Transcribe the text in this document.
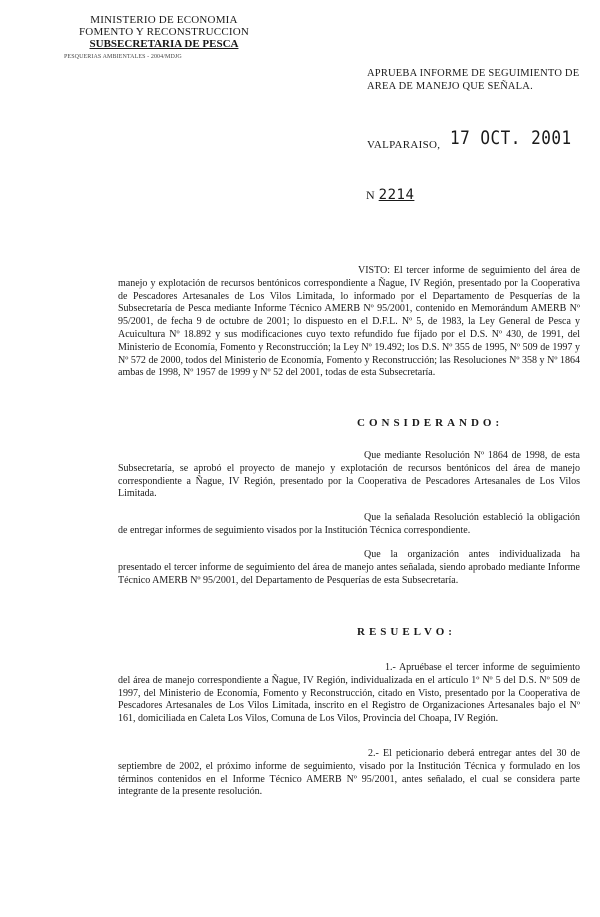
MINISTERIO DE ECONOMIA
FOMENTO Y RECONSTRUCCION
SUBSECRETARIA DE PESCA
PESQUERIAS AMBIENTALES - 2004/MDJG
APRUEBA INFORME DE SEGUIMIENTO DE AREA DE MANEJO QUE SEÑALA.
VALPARAISO, 17 OCT. 2001
N 2214

VISTO: El tercer informe de seguimiento del área de manejo y explotación de recursos bentónicos correspondiente a Ñague, IV Región, presentado por la Cooperativa de Pescadores Artesanales de Los Vilos Limitada, lo informado por el Departamento de Pesquerías de la Subsecretaría de Pesca mediante Informe Técnico AMERB Nº 95/2001, contenido en Memorándum AMERB Nº 95/2001, de fecha 9 de octubre de 2001; lo dispuesto en el D.F.L. Nº 5, de 1983, la Ley General de Pesca y Acuicultura Nº 18.892 y sus modificaciones cuyo texto refundido fue fijado por el D.S. Nº 430, de 1991, del Ministerio de Economía, Fomento y Reconstrucción; la Ley Nº 19.492; los D.S. Nº 355 de 1995, Nº 509 de 1997 y Nº 572 de 2000, todos del Ministerio de Economía, Fomento y Reconstrucción; las Resoluciones Nº 358 y Nº 1864 ambas de 1998, Nº 1957 de 1999 y Nº 52 del 2001, todas de esta Subsecretaría.

CONSIDERANDO:

Que mediante Resolución Nº 1864 de 1998, de esta Subsecretaría, se aprobó el proyecto de manejo y explotación de recursos bentónicos del área de manejo correspondiente a Ñague, IV Región, presentado por la Cooperativa de Pescadores Artesanales de Los Vilos Limitada.

Que la señalada Resolución estableció la obligación de entregar informes de seguimiento visados por la Institución Técnica correspondiente.

Que la organización antes individualizada ha presentado el tercer informe de seguimiento del área de manejo antes señalada, siendo aprobado mediante Informe Técnico AMERB Nº 95/2001, del Departamento de Pesquerías de esta Subsecretaría.

RESUELVO:

1.- Apruébase el tercer informe de seguimiento del área de manejo correspondiente a Ñague, IV Región, individualizada en el artículo 1º Nº 5 del D.S. Nº 509 de 1997, del Ministerio de Economía, Fomento y Reconstrucción, citado en Visto, presentado por la Cooperativa de Pescadores Artesanales de Los Vilos Limitada, inscrito en el Registro de Organizaciones Artesanales bajo el Nº 161, domiciliada en Caleta Los Vilos, Comuna de Los Vilos, Provincia del Choapa, IV Región.

2.- El peticionario deberá entregar antes del 30 de septiembre de 2002, el próximo informe de seguimiento, visado por la Institución Técnica y formulado en los términos contenidos en el Informe Técnico AMERB Nº 95/2001, antes señalado, el cual se considera parte integrante de la presente resolución.
